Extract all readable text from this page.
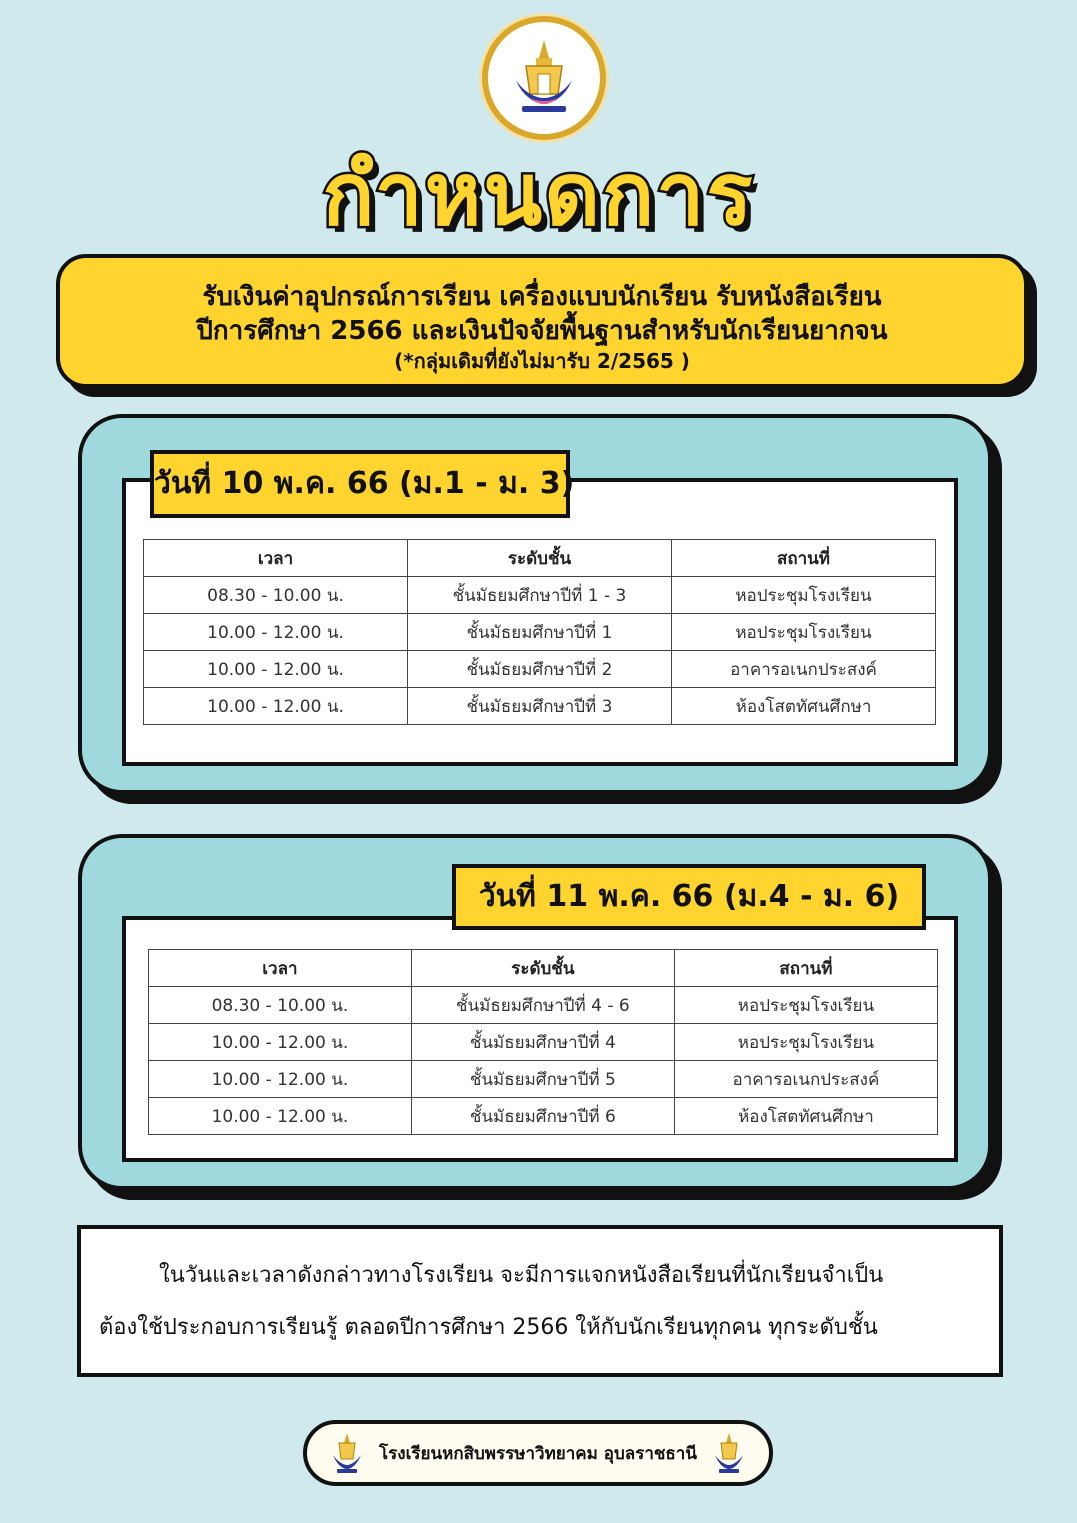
กำหนดการ
รับเงินค่าอุปกรณ์การเรียน เครื่องแบบนักเรียน รับหนังสือเรียน
ปีการศึกษา 2566 และเงินปัจจัยพื้นฐานสำหรับนักเรียนยากจน
(*กลุ่มเดิมที่ยังไม่มารับ 2/2565 )
วันที่ 10 พ.ค. 66 (ม.1 - ม. 3)
เวลา	ระดับชั้น	สถานที่
08.30 - 10.00 น.	ชั้นมัธยมศึกษาปีที่ 1 - 3	หอประชุมโรงเรียน
10.00 - 12.00 น.	ชั้นมัธยมศึกษาปีที่ 1	หอประชุมโรงเรียน
10.00 - 12.00 น.	ชั้นมัธยมศึกษาปีที่ 2	อาคารอเนกประสงค์
10.00 - 12.00 น.	ชั้นมัธยมศึกษาปีที่ 3	ห้องโสตทัศนศึกษา
วันที่ 11 พ.ค. 66 (ม.4 - ม. 6)
เวลา	ระดับชั้น	สถานที่
08.30 - 10.00 น.	ชั้นมัธยมศึกษาปีที่ 4 - 6	หอประชุมโรงเรียน
10.00 - 12.00 น.	ชั้นมัธยมศึกษาปีที่ 4	หอประชุมโรงเรียน
10.00 - 12.00 น.	ชั้นมัธยมศึกษาปีที่ 5	อาคารอเนกประสงค์
10.00 - 12.00 น.	ชั้นมัธยมศึกษาปีที่ 6	ห้องโสตทัศนศึกษา
ในวันและเวลาดังกล่าวทางโรงเรียน จะมีการแจกหนังสือเรียนที่นักเรียนจำเป็น
ต้องใช้ประกอบการเรียนรู้ ตลอดปีการศึกษา 2566 ให้กับนักเรียนทุกคน ทุกระดับชั้น
โรงเรียนหกสิบพรรษาวิทยาคม อุบลราชธานี
